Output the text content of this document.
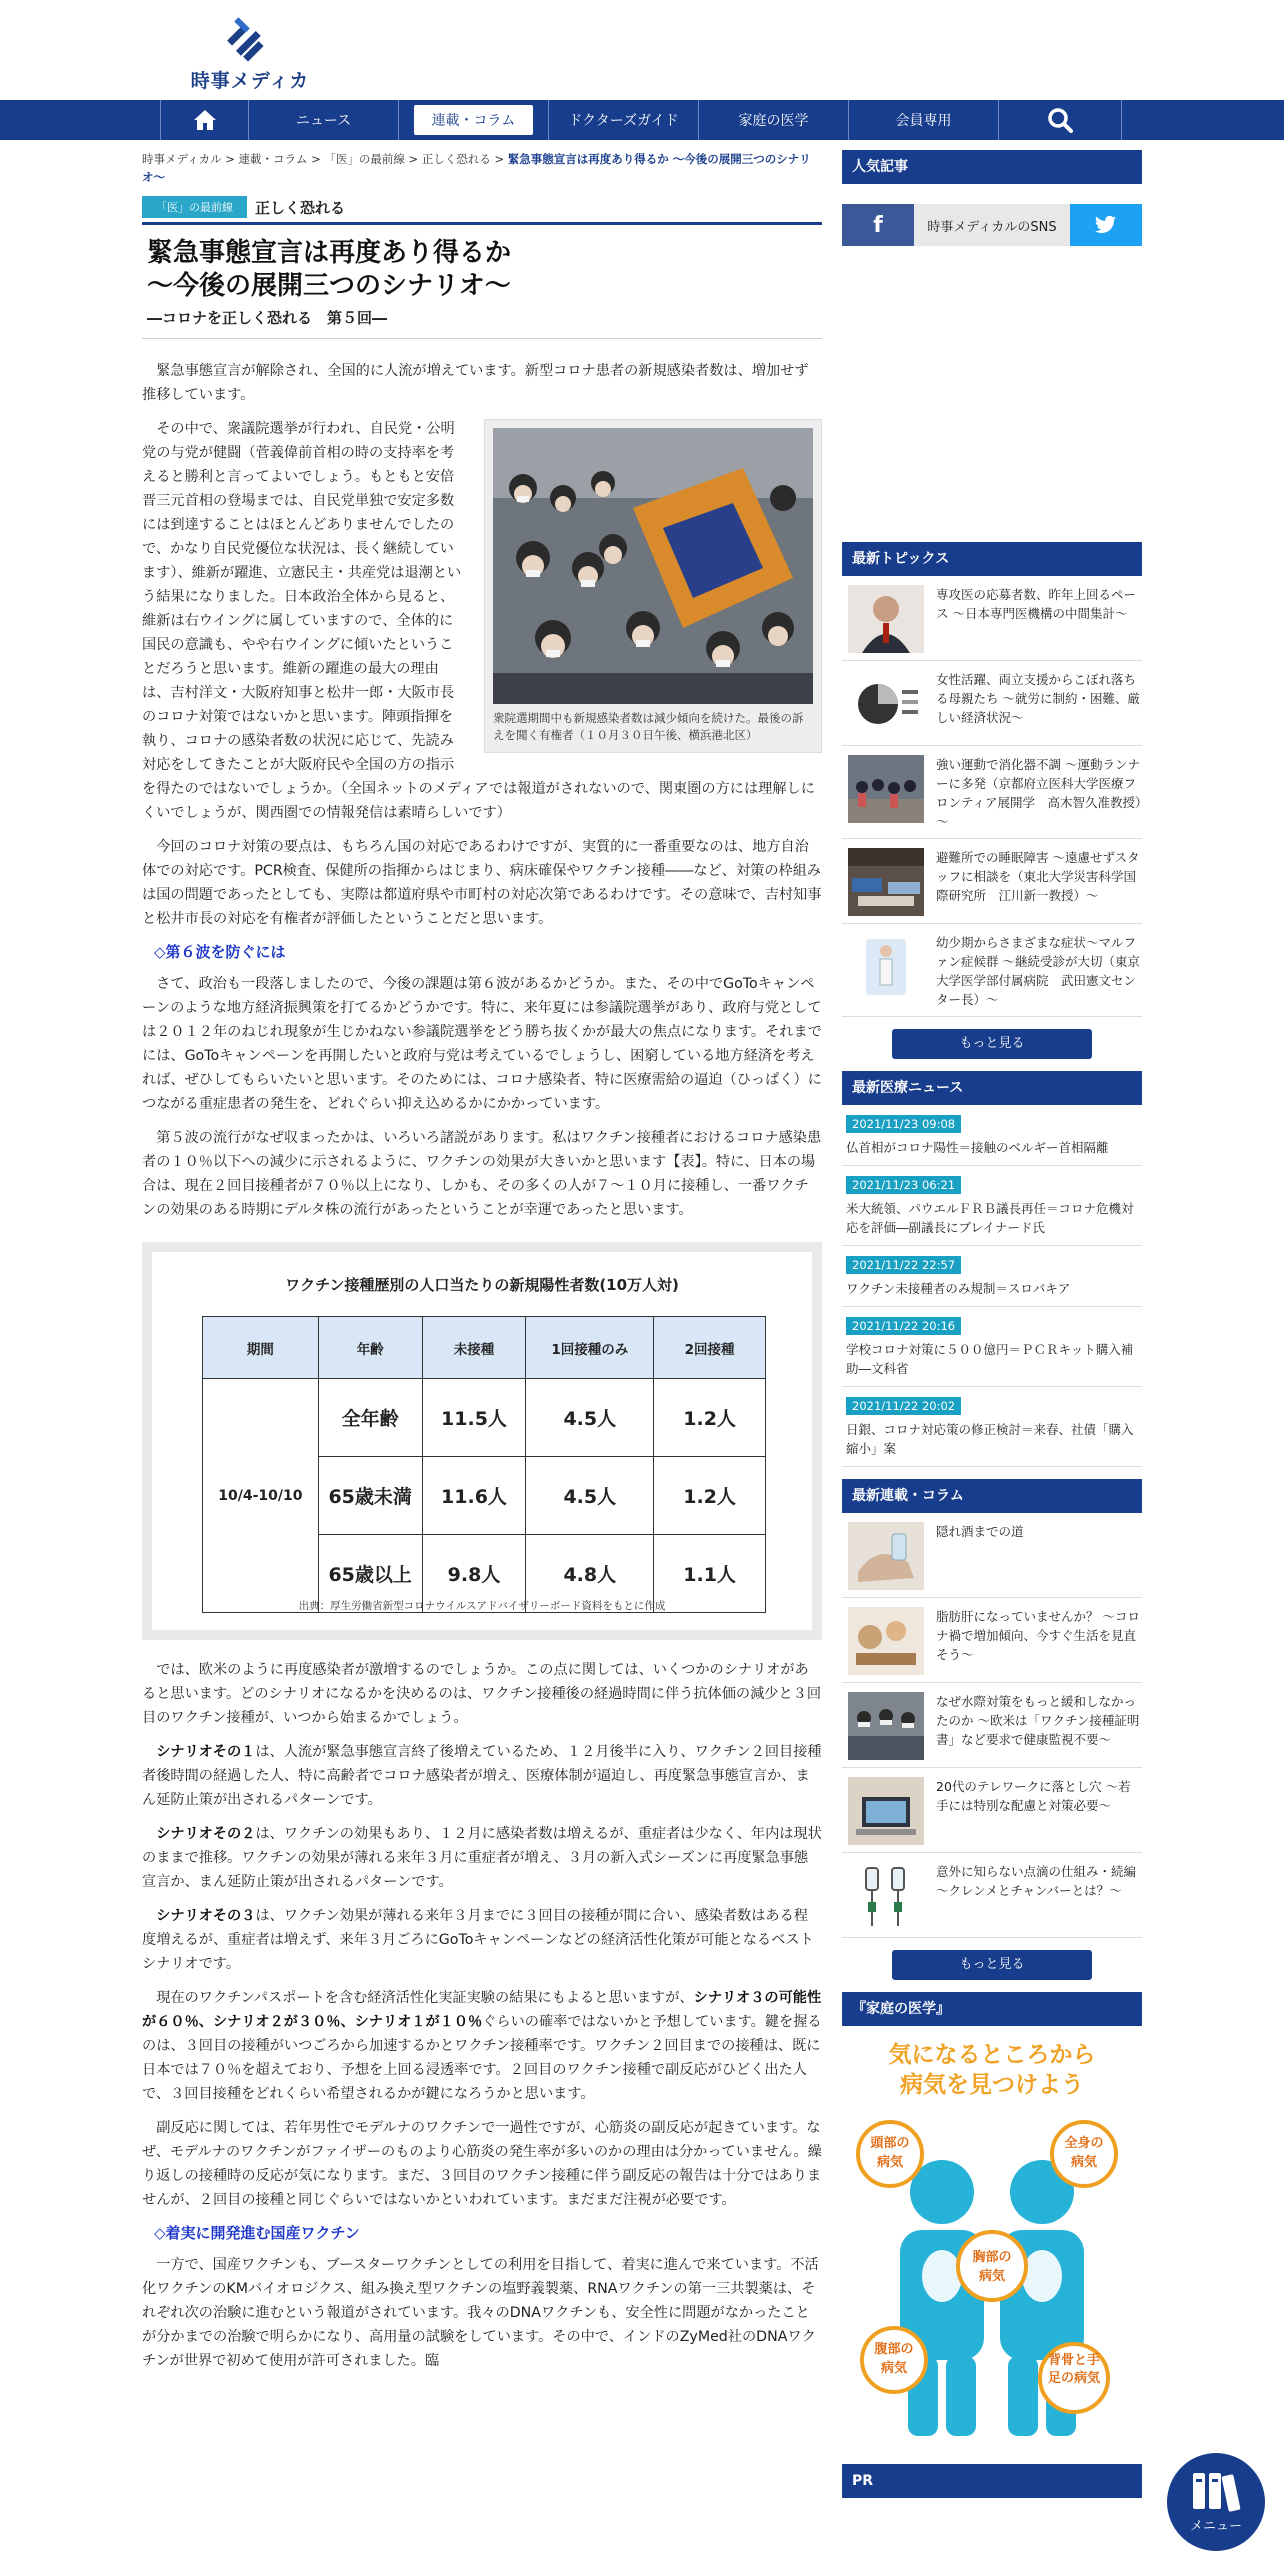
時事メディカ
ニュース	連載・コラム	ドクターズガイド	家庭の医学	会員専用
時事メディカル > 連載・コラム > 「医」の最前線 > 正しく恐れる > 緊急事態宣言は再度あり得るか ～今後の展開三つのシナリオ～
「医」の最前線	正しく恐れる
緊急事態宣言は再度あり得るか
～今後の展開三つのシナリオ～
―コロナを正しく恐れる　第５回―
緊急事態宣言が解除され、全国的に人流が増えています。新型コロナ患者の新規感染者数は、増加せず推移しています。
衆院選期間中も新規感染者数は減少傾向を続けた。最後の訴えを聞く有権者（１０月３０日午後、横浜港北区）
その中で、衆議院選挙が行われ、自民党・公明党の与党が健闘（菅義偉前首相の時の支持率を考えると勝利と言ってよいでしょう。もともと安倍晋三元首相の登場までは、自民党単独で安定多数には到達することはほとんどありませんでしたので、かなり自民党優位な状況は、長く継続しています）、維新が躍進、立憲民主・共産党は退潮という結果になりました。日本政治全体から見ると、維新は右ウイングに属していますので、全体的に国民の意識も、やや右ウイングに傾いたということだろうと思います。維新の躍進の最大の理由は、吉村洋文・大阪府知事と松井一郎・大阪市長のコロナ対策ではないかと思います。陣頭指揮を執り、コロナの感染者数の状況に応じて、先読み対応をしてきたことが大阪府民や全国の方の指示を得たのではないでしょうか。（全国ネットのメディアでは報道がされないので、関東圏の方には理解しにくいでしょうが、関西圏での情報発信は素晴らしいです）
今回のコロナ対策の要点は、もちろん国の対応であるわけですが、実質的に一番重要なのは、地方自治体での対応です。PCR検査、保健所の指揮からはじまり、病床確保やワクチン接種――など、対策の枠組みは国の問題であったとしても、実際は都道府県や市町村の対応次第であるわけです。その意味で、吉村知事と松井市長の対応を有権者が評価したということだと思います。
◇第６波を防ぐには
さて、政治も一段落しましたので、今後の課題は第６波があるかどうか。また、その中でGoToキャンペーンのような地方経済振興策を打てるかどうかです。特に、来年夏には参議院選挙があり、政府与党としては２０１２年のねじれ現象が生じかねない参議院選挙をどう勝ち抜くかが最大の焦点になります。それまでには、GoToキャンペーンを再開したいと政府与党は考えているでしょうし、困窮している地方経済を考えれば、ぜひしてもらいたいと思います。そのためには、コロナ感染者、特に医療需給の逼迫（ひっぱく）につながる重症患者の発生を、どれぐらい抑え込めるかにかかっています。
第５波の流行がなぜ収まったかは、いろいろ諸説があります。私はワクチン接種者におけるコロナ感染患者の１０％以下への減少に示されるように、ワクチンの効果が大きいかと思います【表】。特に、日本の場合は、現在２回目接種者が７０％以上になり、しかも、その多くの人が７～１０月に接種し、一番ワクチンの効果のある時期にデルタ株の流行があったということが幸運であったと思います。
ワクチン接種歴別の人口当たりの新規陽性者数(10万人対)
期間	年齢	未接種	1回接種のみ	2回接種
10/4-10/10	全年齢	11.5人	4.5人	1.2人
	65歳未満	11.6人	4.5人	1.2人
	65歳以上	9.8人	4.8人	1.1人
出典：厚生労働省新型コロナウイルスアドバイザリーボード資料をもとに作成
では、欧米のように再度感染者が激増するのでしょうか。この点に関しては、いくつかのシナリオがあると思います。どのシナリオになるかを決めるのは、ワクチン接種後の経過時間に伴う抗体価の減少と３回目のワクチン接種が、いつから始まるかでしょう。
シナリオその１は、人流が緊急事態宣言終了後増えているため、１２月後半に入り、ワクチン２回目接種者後時間の経過した人、特に高齢者でコロナ感染者が増え、医療体制が逼迫し、再度緊急事態宣言か、まん延防止策が出されるパターンです。
シナリオその２は、ワクチンの効果もあり、１２月に感染者数は増えるが、重症者は少なく、年内は現状のままで推移。ワクチンの効果が薄れる来年３月に重症者が増え、３月の新入式シーズンに再度緊急事態宣言か、まん延防止策が出されるパターンです。
シナリオその３は、ワクチン効果が薄れる来年３月までに３回目の接種が間に合い、感染者数はある程度増えるが、重症者は増えず、来年３月ごろにGoToキャンペーンなどの経済活性化策が可能となるベストシナリオです。
現在のワクチンパスポートを含む経済活性化実証実験の結果にもよると思いますが、シナリオ３の可能性が６０％、シナリオ２が３０％、シナリオ１が１０％ぐらいの確率ではないかと予想しています。鍵を握るのは、３回目の接種がいつごろから加速するかとワクチン接種率です。ワクチン２回目までの接種は、既に日本では７０％を超えており、予想を上回る浸透率です。２回目のワクチン接種で副反応がひどく出た人で、３回目接種をどれくらい希望されるかが鍵になろうかと思います。
副反応に関しては、若年男性でモデルナのワクチンで一過性ですが、心筋炎の副反応が起きています。なぜ、モデルナのワクチンがファイザーのものより心筋炎の発生率が多いのかの理由は分かっていません。繰り返しの接種時の反応が気になります。まだ、３回目のワクチン接種に伴う副反応の報告は十分ではありませんが、２回目の接種と同じぐらいではないかといわれています。まだまだ注視が必要です。
◇着実に開発進む国産ワクチン
一方で、国産ワクチンも、ブースターワクチンとしての利用を目指して、着実に進んで来ています。不活化ワクチンのKMバイオロジクス、組み換え型ワクチンの塩野義製薬、RNAワクチンの第一三共製薬は、それぞれ次の治験に進むという報道がされています。我々のDNAワクチンも、安全性に問題がなかったことが分かまでの治験で明らかになり、高用量の試験をしています。その中で、インドのZyMed社のDNAワクチンが世界で初めて使用が許可されました。臨
人気記事
f	時事メディカルのSNS
最新トピックス
専攻医の応募者数、昨年上回るペース ～日本専門医機構の中間集計～
女性活躍、両立支援からこぼれ落ちる母親たち ～就労に制約・困難、厳しい経済状況～
強い運動で消化器不調 ～運動ランナーに多発（京都府立医科大学医療フロンティア展開学　高木智久准教授）～
避難所での睡眠障害 ～遠慮せずスタッフに相談を（東北大学災害科学国際研究所　江川新一教授）～
幼少期からさまざまな症状～マルファン症候群 ～継続受診が大切（東京大学医学部付属病院　武田憲文センター長）～
もっと見る
最新医療ニュース
2021/11/23 09:08
仏首相がコロナ陽性＝接触のベルギー首相隔離
2021/11/23 06:21
米大統領、パウエルＦＲＢ議長再任＝コロナ危機対応を評価―副議長にブレイナード氏
2021/11/22 22:57
ワクチン未接種者のみ規制＝スロバキア
2021/11/22 20:16
学校コロナ対策に５００億円＝ＰＣＲキット購入補助―文科省
2021/11/22 20:02
日銀、コロナ対応策の修正検討＝来春、社債「購入縮小」案
最新連載・コラム
隠れ酒までの道
脂肪肝になっていませんか？ ～コロナ禍で増加傾向、今すぐ生活を見直そう～
なぜ水際対策をもっと緩和しなかったのか ～欧米は「ワクチン接種証明書」など要求で健康監視不要～
20代のテレワークに落とし穴 ～若手には特別な配慮と対策必要～
意外に知らない点滴の仕組み・続編 ～クレンメとチャンバーとは？～
もっと見る
『家庭の医学』
気になるところから
病気を見つけよう
頭部の病気
全身の病気
胸部の病気
腹部の病気
背骨と手足の病気
PR
メニュー
